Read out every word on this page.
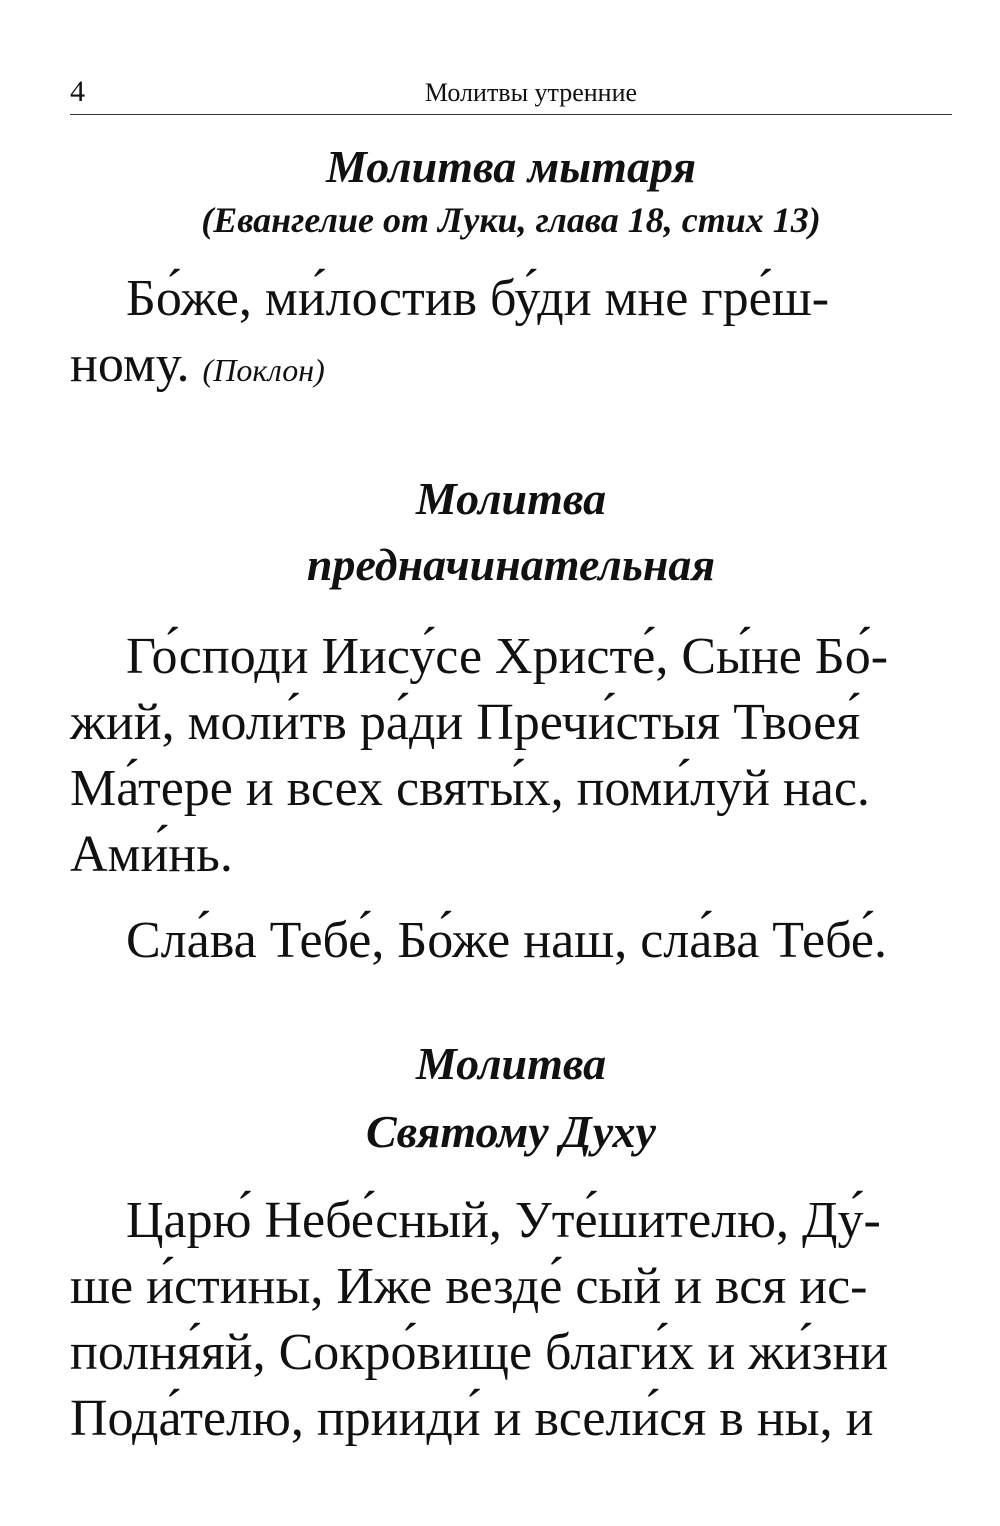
4	Молитвы утренние
Молитва мытаря
(Евангелие от Луки, глава 18, стих 13)

Бо́же, ми́лостив бу́ди мне гре́ш-
ному. (Поклон)

Молитва
предначинательная

Го́споди Иису́се Христе́, Сы́не Бо́-
жий, моли́тв ра́ди Пречи́стыя Твоея́
Ма́тере и всех святы́х, поми́луй нас.
Ами́нь.

Сла́ва Тебе́, Бо́же наш, сла́ва Тебе́.

Молитва
Святому Духу

Царю́ Небе́сный, Уте́шителю, Ду́-
ше и́стины, Иже везде́ сый и вся ис-
полня́яй, Сокро́вище благи́х и жи́зни
Пода́телю, прииди́ и всели́ся в ны, и
